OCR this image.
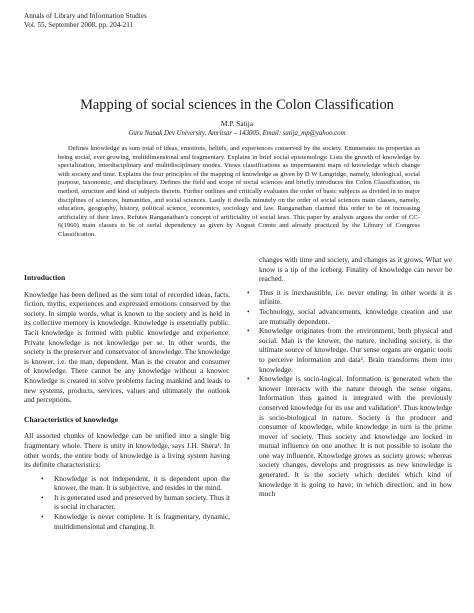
Annals of Library and Information Studies
Vol. 55, September 2008, pp. 204-211
Mapping of social sciences in the Colon Classification
M.P. Satija
Guru Nanak Dev University, Amritsar – 143005, Email: satija_mp@yahoo.com

Defines knowledge as sum total of ideas, emotions, beliefs, and experiences conserved by the society. Enumerates its properties as being social, ever growing, multidimensional and fragmentary. Explains in brief social epistemology. Lists the growth of knowledge by specialization, interdisciplinary and multidisciplinary modes. Views classifications as impermanent maps of knowledge which change with society and time. Explains the four principles of the mapping of knowledge as given by D W Langridge, namely, ideological, social purpose, taxonomic, and disciplinary. Defines the field and scope of social sciences and briefly introduces the Colon Classification, its method, structure and kind of subjects therein. Further outlines and critically evaluates the order of basic subjects as divided in to major disciplines of sciences, humanities, and social sciences. Lastly it dwells minutely on the order of social sciences main classes, namely, education, geography, history, political science, economics, sociology and law. Ranganathan claimed this order to be of increasing artificiality of their laws. Refutes Ranganathan’s concept of artificiality of social laws. This paper by analysis argues the order of CC-6(1960) main classes to be of serial dependency as given by August Comte and already practiced by the Library of Congress Classification.

Introduction

Knowledge has been defined as the sum total of recorded ideas, facts, fiction, myths, experiences and expressed emotions conserved by the society. In simple words, what is known to the society and is held in its collective memory is knowledge. Knowledge is essentially public. Tacit knowledge is formed with public knowledge and experience. Private knowledge is not knowledge per se. In other words, the society is the preserver and conservator of knowledge. The knowledge is knower, i.e. the man, dependent. Man is the creator and consumer of knowledge. There cannot be any knowledge without a knower. Knowledge is created to solve problems facing mankind and leads to new systems, products, services, values and ultimately the outlook and perceptions.

Characteristics of knowledge

All assorted chunks of knowledge can be unified into a single big fragmentary whole. There is unity in knowledge, says J.H. Shera¹. In other words, the entire body of knowledge is a living system having its definite characteristics:

• Knowledge is not independent, it is dependent upon the knower, the man. It is subjective, and resides in the mind.
• It is generated used and preserved by human society. Thus it is social in character.
• Knowledge is never complete. It is fragmentary, dynamic, multidimensional and changing. It

changes with time and society, and changes as it grows. What we know is a tip of the iceberg. Finality of knowledge can never be reached.

• Thus it is inexhaustible, i.e. never ending. In other words it is infinite.
• Technology, social advancements, knowledge creation and use are mutually dependent.
• Knowledge originates from the environment, both physical and social. Man is the knower, the nature, including society, is the ultimate source of knowledge. Our sense organs are organic tools to perceive information and data². Brain transforms them into knowledge.
• Knowledge is socio-logical. Information is generated when the knower interacts with the nature through the sense organs. Information thus gained is integrated with the previously conserved knowledge for its use and validation³. Thus knowledge is socio-biological in nature. Society is the producer and consumer of knowledge, while knowledge in turn is the prime mover of society. Thus society and knowledge are locked in mutual influence on one another. It is not possible to isolate the one way influence. Knowledge grows as society grows; whereas society changes, develops and progresses as new knowledge is generated. It is the society which decides which kind of knowledge it is going to have; in which direction, and in how much
